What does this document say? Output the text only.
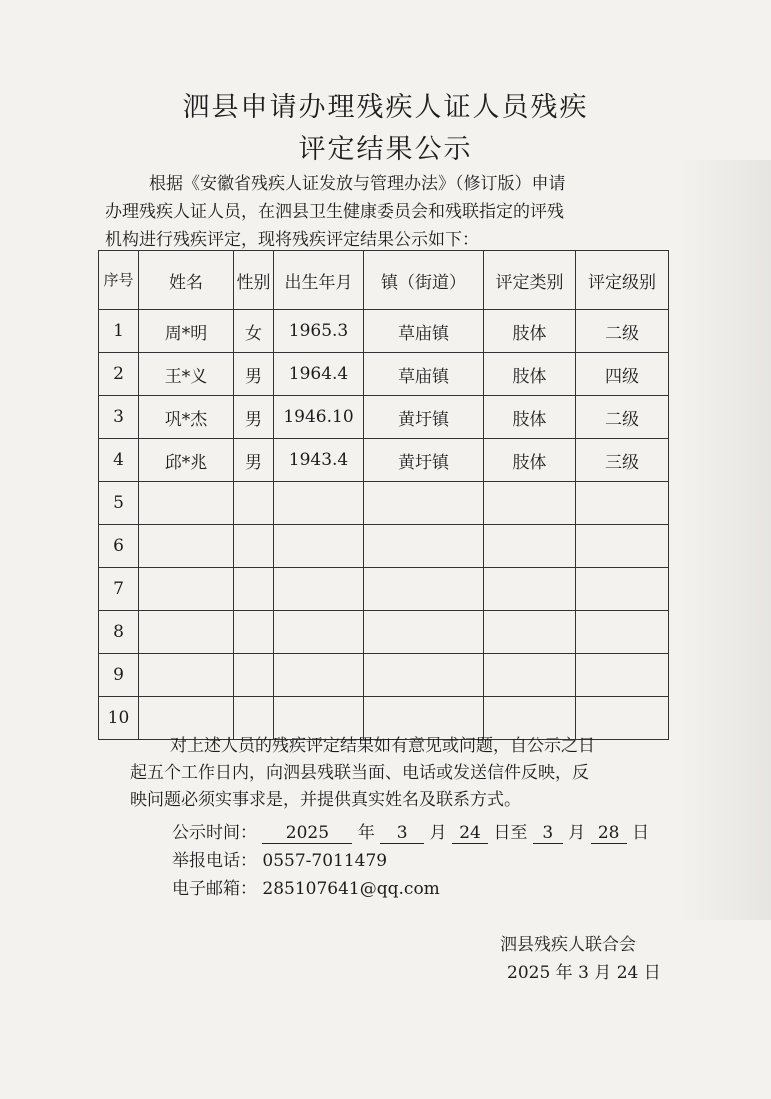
泗县申请办理残疾人证人员残疾
评定结果公示

根据《安徽省残疾人证发放与管理办法》（修订版）申请
办理残疾人证人员，在泗县卫生健康委员会和残联指定的评残
机构进行残疾评定，现将残疾评定结果公示如下：

序号	姓名	性别	出生年月	镇（街道）	评定类别	评定级别
1	周*明	女	1965.3	草庙镇	肢体	二级
2	王*义	男	1964.4	草庙镇	肢体	四级
3	巩*杰	男	1946.10	黄圩镇	肢体	二级
4	邱*兆	男	1943.4	黄圩镇	肢体	三级
5						
6						
7						
8						
9						
10						

对上述人员的残疾评定结果如有意见或问题，自公示之日
起五个工作日内，向泗县残联当面、电话或发送信件反映，反
映问题必须实事求是，并提供真实姓名及联系方式。

公示时间： 2025 年 3 月 24 日至 3 月 28 日
举报电话： 0557-7011479
电子邮箱： 285107641@qq.com
泗县残疾人联合会
2025 年 3 月 24 日
